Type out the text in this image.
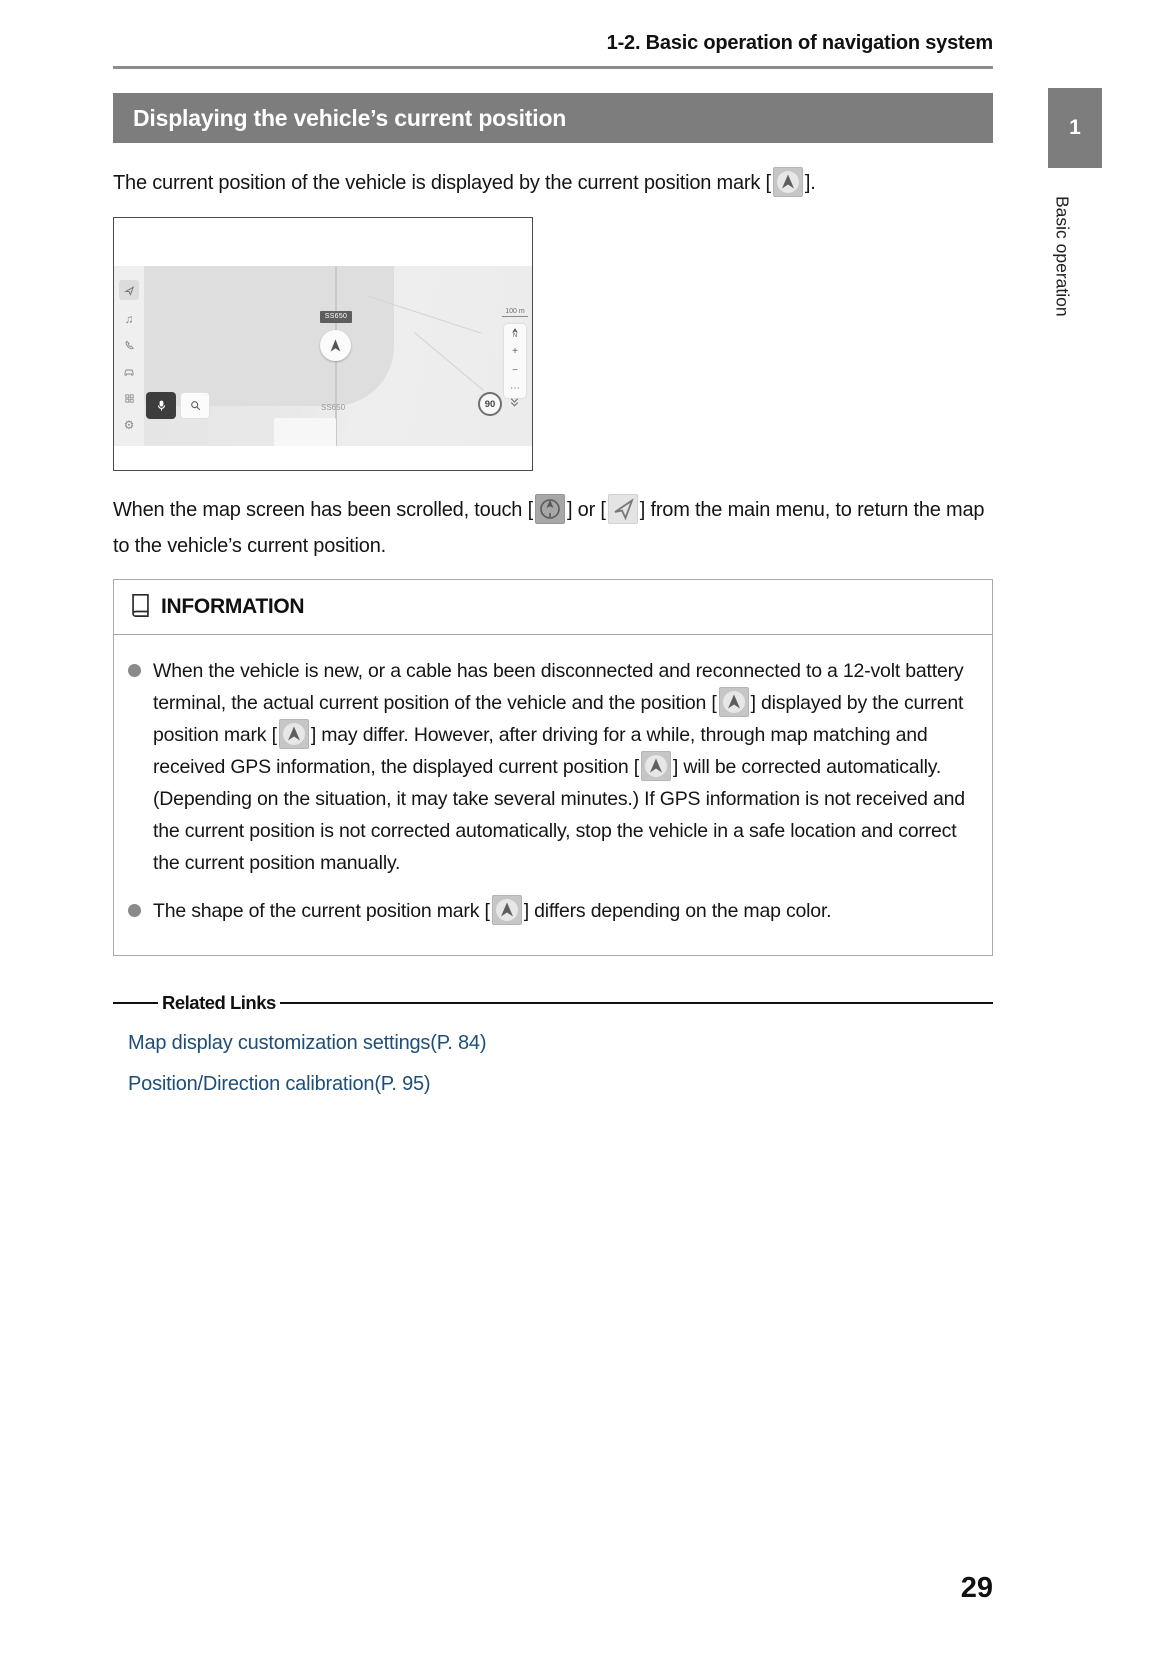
1
Basic operation
1-2. Basic operation of navigation system
Displaying the vehicle’s current position
The current position of the vehicle is displayed by the current position mark [ ].
♫
⚙
SS650
SS650
100 m
N
+
−
⋯
90
When the map screen has been scrolled, touch [ ] or [ ] from the main menu, to return the map to the vehicle’s current position.
INFORMATION
When the vehicle is new, or a cable has been disconnected and reconnected to a 12-volt battery terminal, the actual current position of the vehicle and the position [ ] displayed by the current position mark [ ] may differ. However, after driving for a while, through map matching and received GPS information, the displayed current position [ ] will be corrected automatically.(Depending on the situation, it may take several minutes.) If GPS information is not received and the current position is not corrected automatically, stop the vehicle in a safe location and correct the current position manually.
The shape of the current position mark [ ] differs depending on the map color.
Related Links
Map display customization settings(P. 84)
Position/Direction calibration(P. 95)
29
